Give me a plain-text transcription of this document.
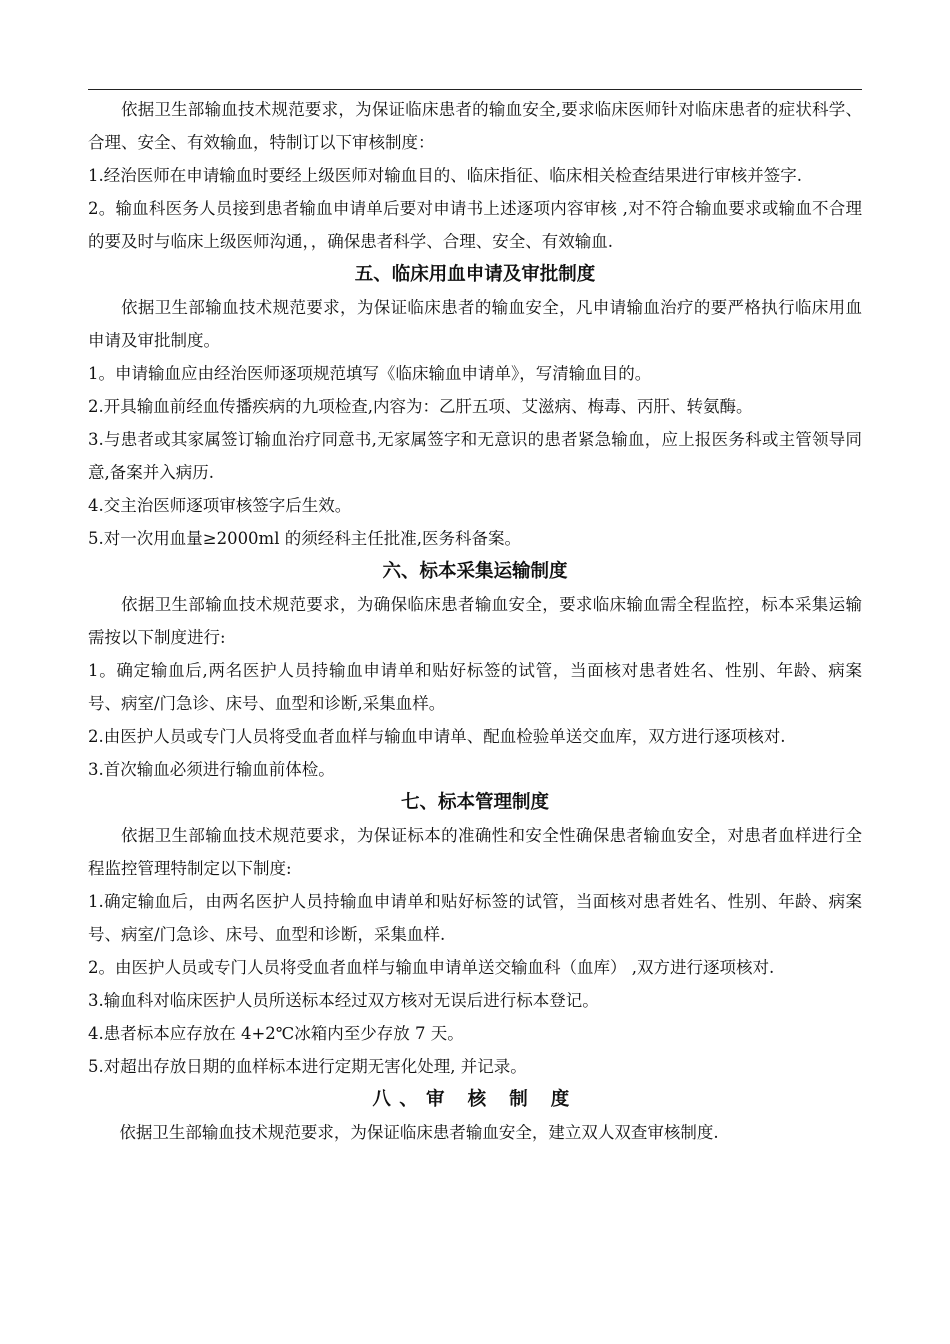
依据卫生部输血技术规范要求，为保证临床患者的输血安全,要求临床医师针对临床患者的症状科学、合理、安全、有效输血，特制订以下审核制度：

1.经治医师在申请输血时要经上级医师对输血目的、临床指征、临床相关检查结果进行审核并签字.

2。输血科医务人员接到患者输血申请单后要对申请书上述逐项内容审核 ,对不符合输血要求或输血不合理的要及时与临床上级医师沟通，，确保患者科学、合理、安全、有效输血.

五、临床用血申请及审批制度

依据卫生部输血技术规范要求，为保证临床患者的输血安全，凡申请输血治疗的要严格执行临床用血申请及审批制度。

1。申请输血应由经治医师逐项规范填写《临床输血申请单》，写清输血目的。

2.开具输血前经血传播疾病的九项检查,内容为：乙肝五项、艾滋病、梅毒、丙肝、转氨酶。

3.与患者或其家属签订输血治疗同意书,无家属签字和无意识的患者紧急输血，应上报医务科或主管领导同意,备案并入病历.

4.交主治医师逐项审核签字后生效。

5.对一次用血量≥2000ml 的须经科主任批准,医务科备案。

六、标本采集运输制度

依据卫生部输血技术规范要求，为确保临床患者输血安全，要求临床输血需全程监控，标本采集运输需按以下制度进行:

1。确定输血后,两名医护人员持输血申请单和贴好标签的试管，当面核对患者姓名、性别、年龄、病案号、病室/门急诊、床号、血型和诊断,采集血样。

2.由医护人员或专门人员将受血者血样与输血申请单、配血检验单送交血库，双方进行逐项核对.

3.首次输血必须进行输血前体检。

七、标本管理制度

依据卫生部输血技术规范要求，为保证标本的准确性和安全性确保患者输血安全，对患者血样进行全程监控管理特制定以下制度:

1.确定输血后，由两名医护人员持输血申请单和贴好标签的试管，当面核对患者姓名、性别、年龄、病案号、病室/门急诊、床号、血型和诊断，采集血样.

2。由医护人员或专门人员将受血者血样与输血申请单送交输血科（血库） ,双方进行逐项核对.

3.输血科对临床医护人员所送标本经过双方核对无误后进行标本登记。

4.患者标本应存放在 4+2℃冰箱内至少存放 7 天。

5.对超出存放日期的血样标本进行定期无害化处理, 并记录。

八、审 核 制 度

依据卫生部输血技术规范要求，为保证临床患者输血安全，建立双人双查审核制度.
